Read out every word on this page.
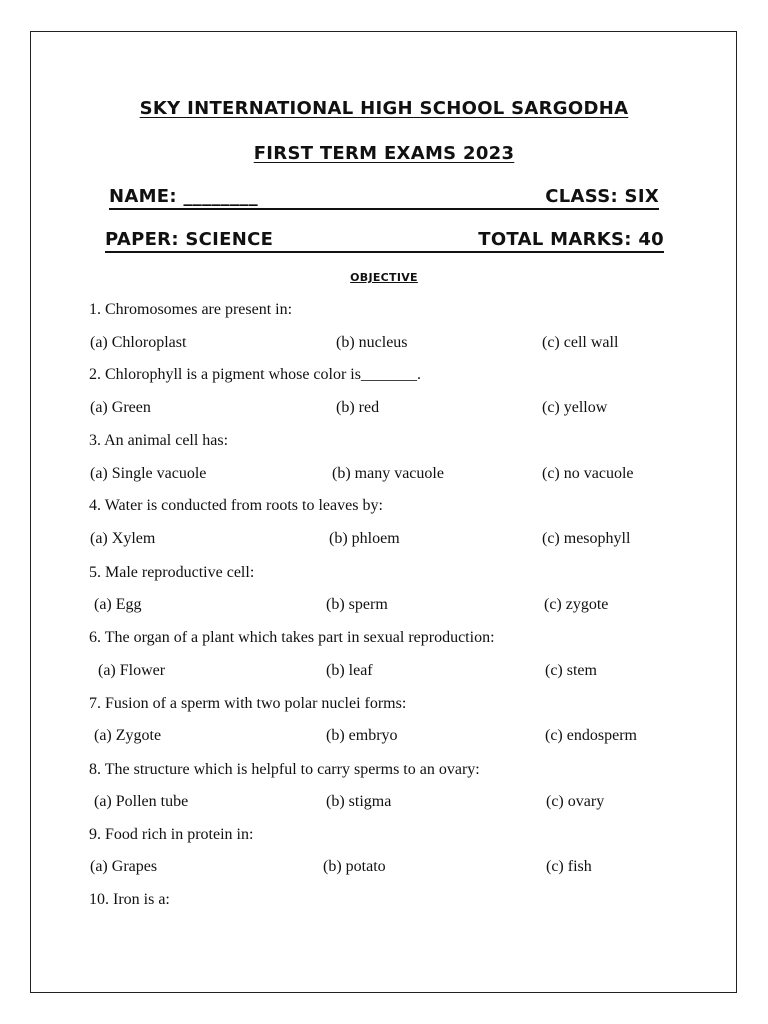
SKY INTERNATIONAL HIGH SCHOOL SARGODHA
FIRST TERM EXAMS 2023
NAME: ________	CLASS: SIX
PAPER: SCIENCE	TOTAL MARKS: 40
OBJECTIVE
1. Chromosomes are present in:
(a) Chloroplast	(b) nucleus	(c) cell wall
2. Chlorophyll is a pigment whose color is_______.
(a) Green	(b) red	(c) yellow
3. An animal cell has:
(a) Single vacuole	(b) many vacuole	(c) no vacuole
4. Water is conducted from roots to leaves by:
(a) Xylem	(b) phloem	(c) mesophyll
5. Male reproductive cell:
(a) Egg	(b) sperm	(c) zygote
6. The organ of a plant which takes part in sexual reproduction:
(a) Flower	(b) leaf	(c) stem
7. Fusion of a sperm with two polar nuclei forms:
(a) Zygote	(b) embryo	(c) endosperm
8. The structure which is helpful to carry sperms to an ovary:
(a) Pollen tube	(b) stigma	(c) ovary
9. Food rich in protein in:
(a) Grapes	(b) potato	(c) fish
10. Iron is a:
